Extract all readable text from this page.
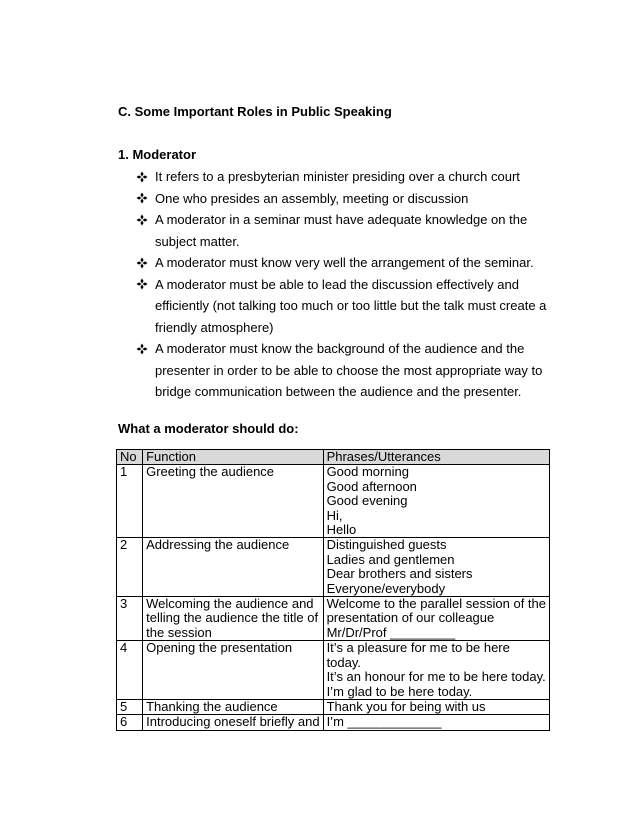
C. Some Important Roles in Public Speaking
1. Moderator
It refers to a presbyterian minister presiding over a church court
One who presides an assembly, meeting or discussion
A moderator in a seminar must have adequate knowledge on the
subject matter.
A moderator must know very well the arrangement of the seminar.
A moderator must be able to lead the discussion effectively and
efficiently (not talking too much or too little but the talk must create a
friendly atmosphere)
A moderator must know the background of the audience and the
presenter in order to be able to choose the most appropriate way to
bridge communication between the audience and the presenter.
What a moderator should do:
No	Function	Phrases/Utterances
1	Greeting the audience	Good morning
Good afternoon
Good evening
Hi,
Hello

2	Addressing the audience	Distinguished guests
Ladies and gentlemen
Dear brothers and sisters
Everyone/everybody

3	Welcoming the audience and
telling the audience the title of
the session	Welcome to the parallel session of the
presentation of our colleague
Mr/Dr/Prof _________

4	Opening the presentation	It’s a pleasure for me to be here
today.
It’s an honour for me to be here today.
I’m glad to be here today.

5	Thanking the audience	Thank you for being with us

6	Introducing oneself briefly and	I’m _____________
